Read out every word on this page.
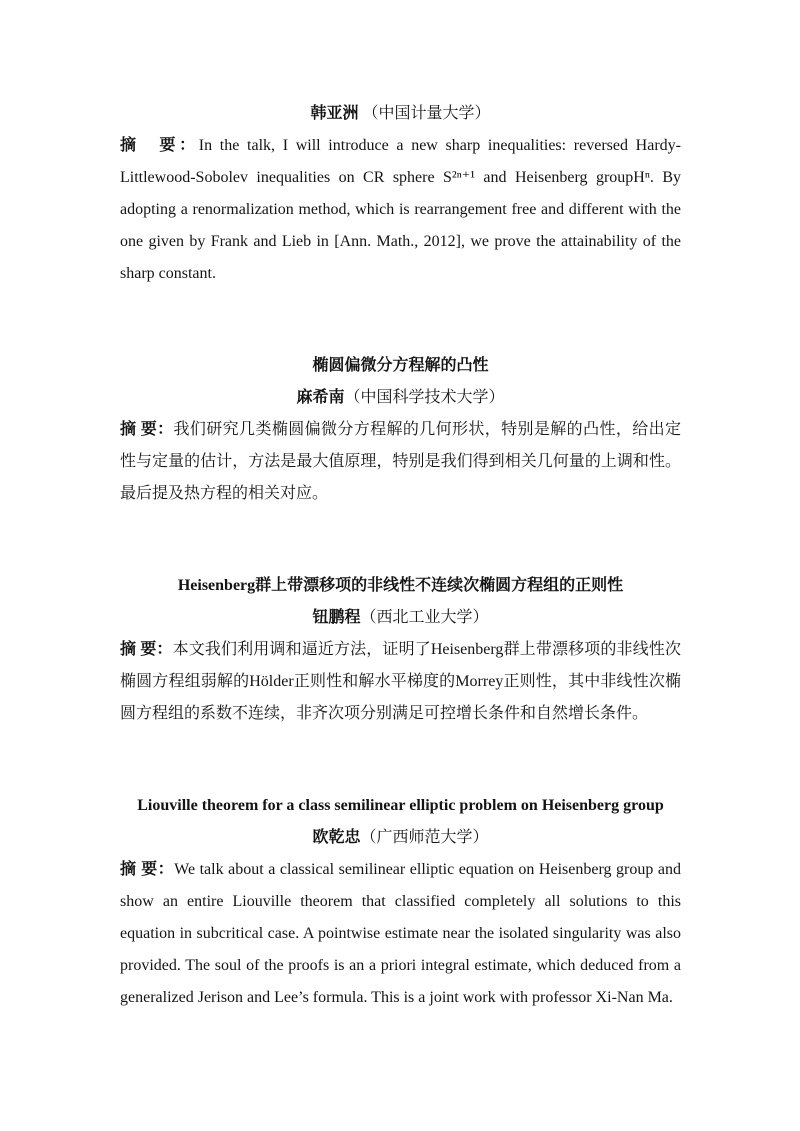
韩亚洲 （中国计量大学）

摘　要：In the talk, I will introduce a new sharp inequalities: reversed Hardy-Littlewood-Sobolev inequalities on CR sphere S²ⁿ⁺¹ and Heisenberg groupHⁿ. By adopting a renormalization method, which is rearrangement free and different with the one given by Frank and Lieb in [Ann. Math., 2012], we prove the attainability of the sharp constant.

椭圆偏微分方程解的凸性

麻希南（中国科学技术大学）

摘 要：我们研究几类椭圆偏微分方程解的几何形状，特别是解的凸性，给出定性与定量的估计，方法是最大值原理，特别是我们得到相关几何量的上调和性。最后提及热方程的相关对应。

Heisenberg群上带漂移项的非线性不连续次椭圆方程组的正则性

钮鹏程（西北工业大学）

摘 要：本文我们利用调和逼近方法，证明了Heisenberg群上带漂移项的非线性次椭圆方程组弱解的Hölder正则性和解水平梯度的Morrey正则性，其中非线性次椭圆方程组的系数不连续，非齐次项分别满足可控增长条件和自然增长条件。

Liouville theorem for a class semilinear elliptic problem on Heisenberg group

欧乾忠（广西师范大学）

摘 要：We talk about a classical semilinear elliptic equation on Heisenberg group and show an entire Liouville theorem that classified completely all solutions to this equation in subcritical case. A pointwise estimate near the isolated singularity was also provided. The soul of the proofs is an a priori integral estimate, which deduced from a generalized Jerison and Lee’s formula. This is a joint work with professor Xi-Nan Ma.
